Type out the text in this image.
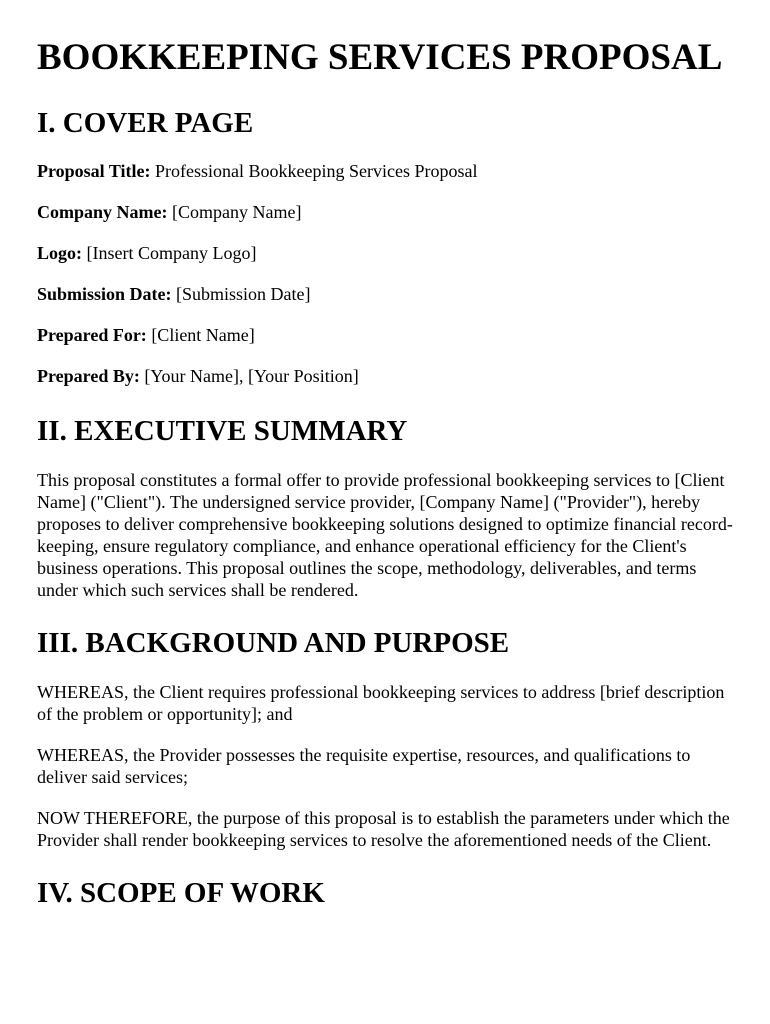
BOOKKEEPING SERVICES PROPOSAL
I. COVER PAGE

Proposal Title: Professional Bookkeeping Services Proposal

Company Name: [Company Name]

Logo: [Insert Company Logo]

Submission Date: [Submission Date]

Prepared For: [Client Name]

Prepared By: [Your Name], [Your Position]

II. EXECUTIVE SUMMARY

This proposal constitutes a formal offer to provide professional bookkeeping services to [Client Name] ("Client"). The undersigned service provider, [Company Name] ("Provider"), hereby proposes to deliver comprehensive bookkeeping solutions designed to optimize financial record-keeping, ensure regulatory compliance, and enhance operational efficiency for the Client's business operations. This proposal outlines the scope, methodology, deliverables, and terms under which such services shall be rendered.

III. BACKGROUND AND PURPOSE

WHEREAS, the Client requires professional bookkeeping services to address [brief description of the problem or opportunity]; and

WHEREAS, the Provider possesses the requisite expertise, resources, and qualifications to deliver said services;

NOW THEREFORE, the purpose of this proposal is to establish the parameters under which the Provider shall render bookkeeping services to resolve the aforementioned needs of the Client.

IV. SCOPE OF WORK
